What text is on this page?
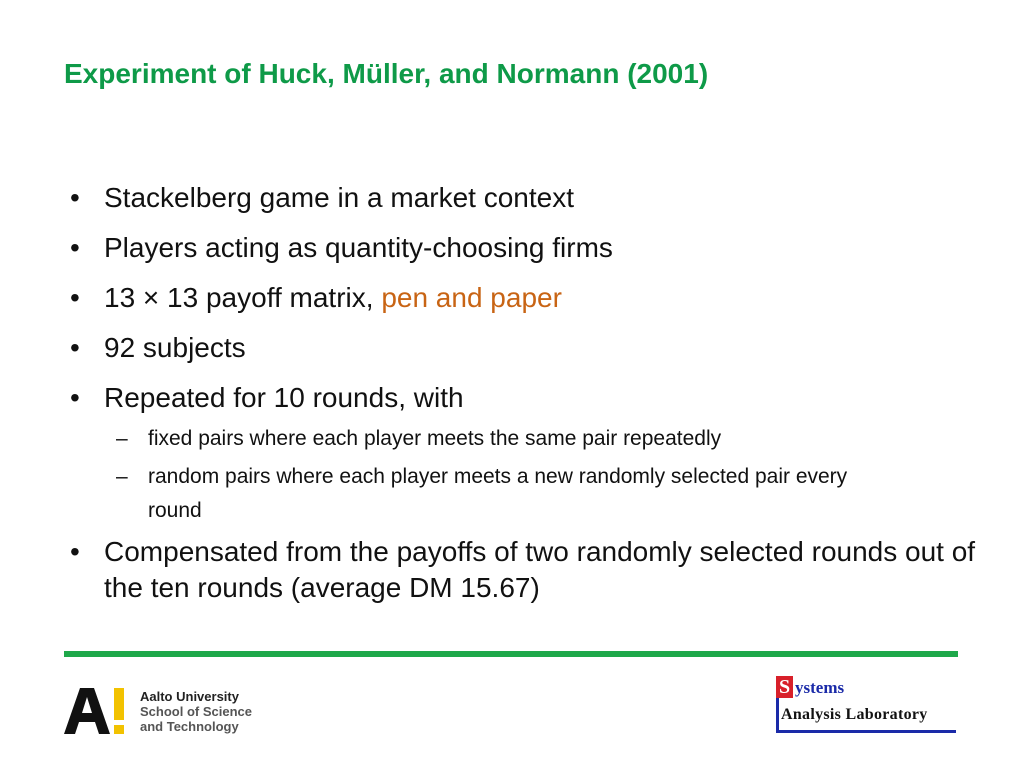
Experiment of Huck, Müller, and Normann (2001)
• Stackelberg game in a market context
• Players acting as quantity-choosing firms
• 13 × 13 payoff matrix, pen and paper
• 92 subjects
• Repeated for 10 rounds, with
– fixed pairs where each player meets the same pair repeatedly
– random pairs where each player meets a new randomly selected pair every round
• Compensated from the payoffs of two randomly selected rounds out of the ten rounds (average DM 15.67)
Aalto University
School of Science
and Technology
S ystems
Analysis Laboratory
